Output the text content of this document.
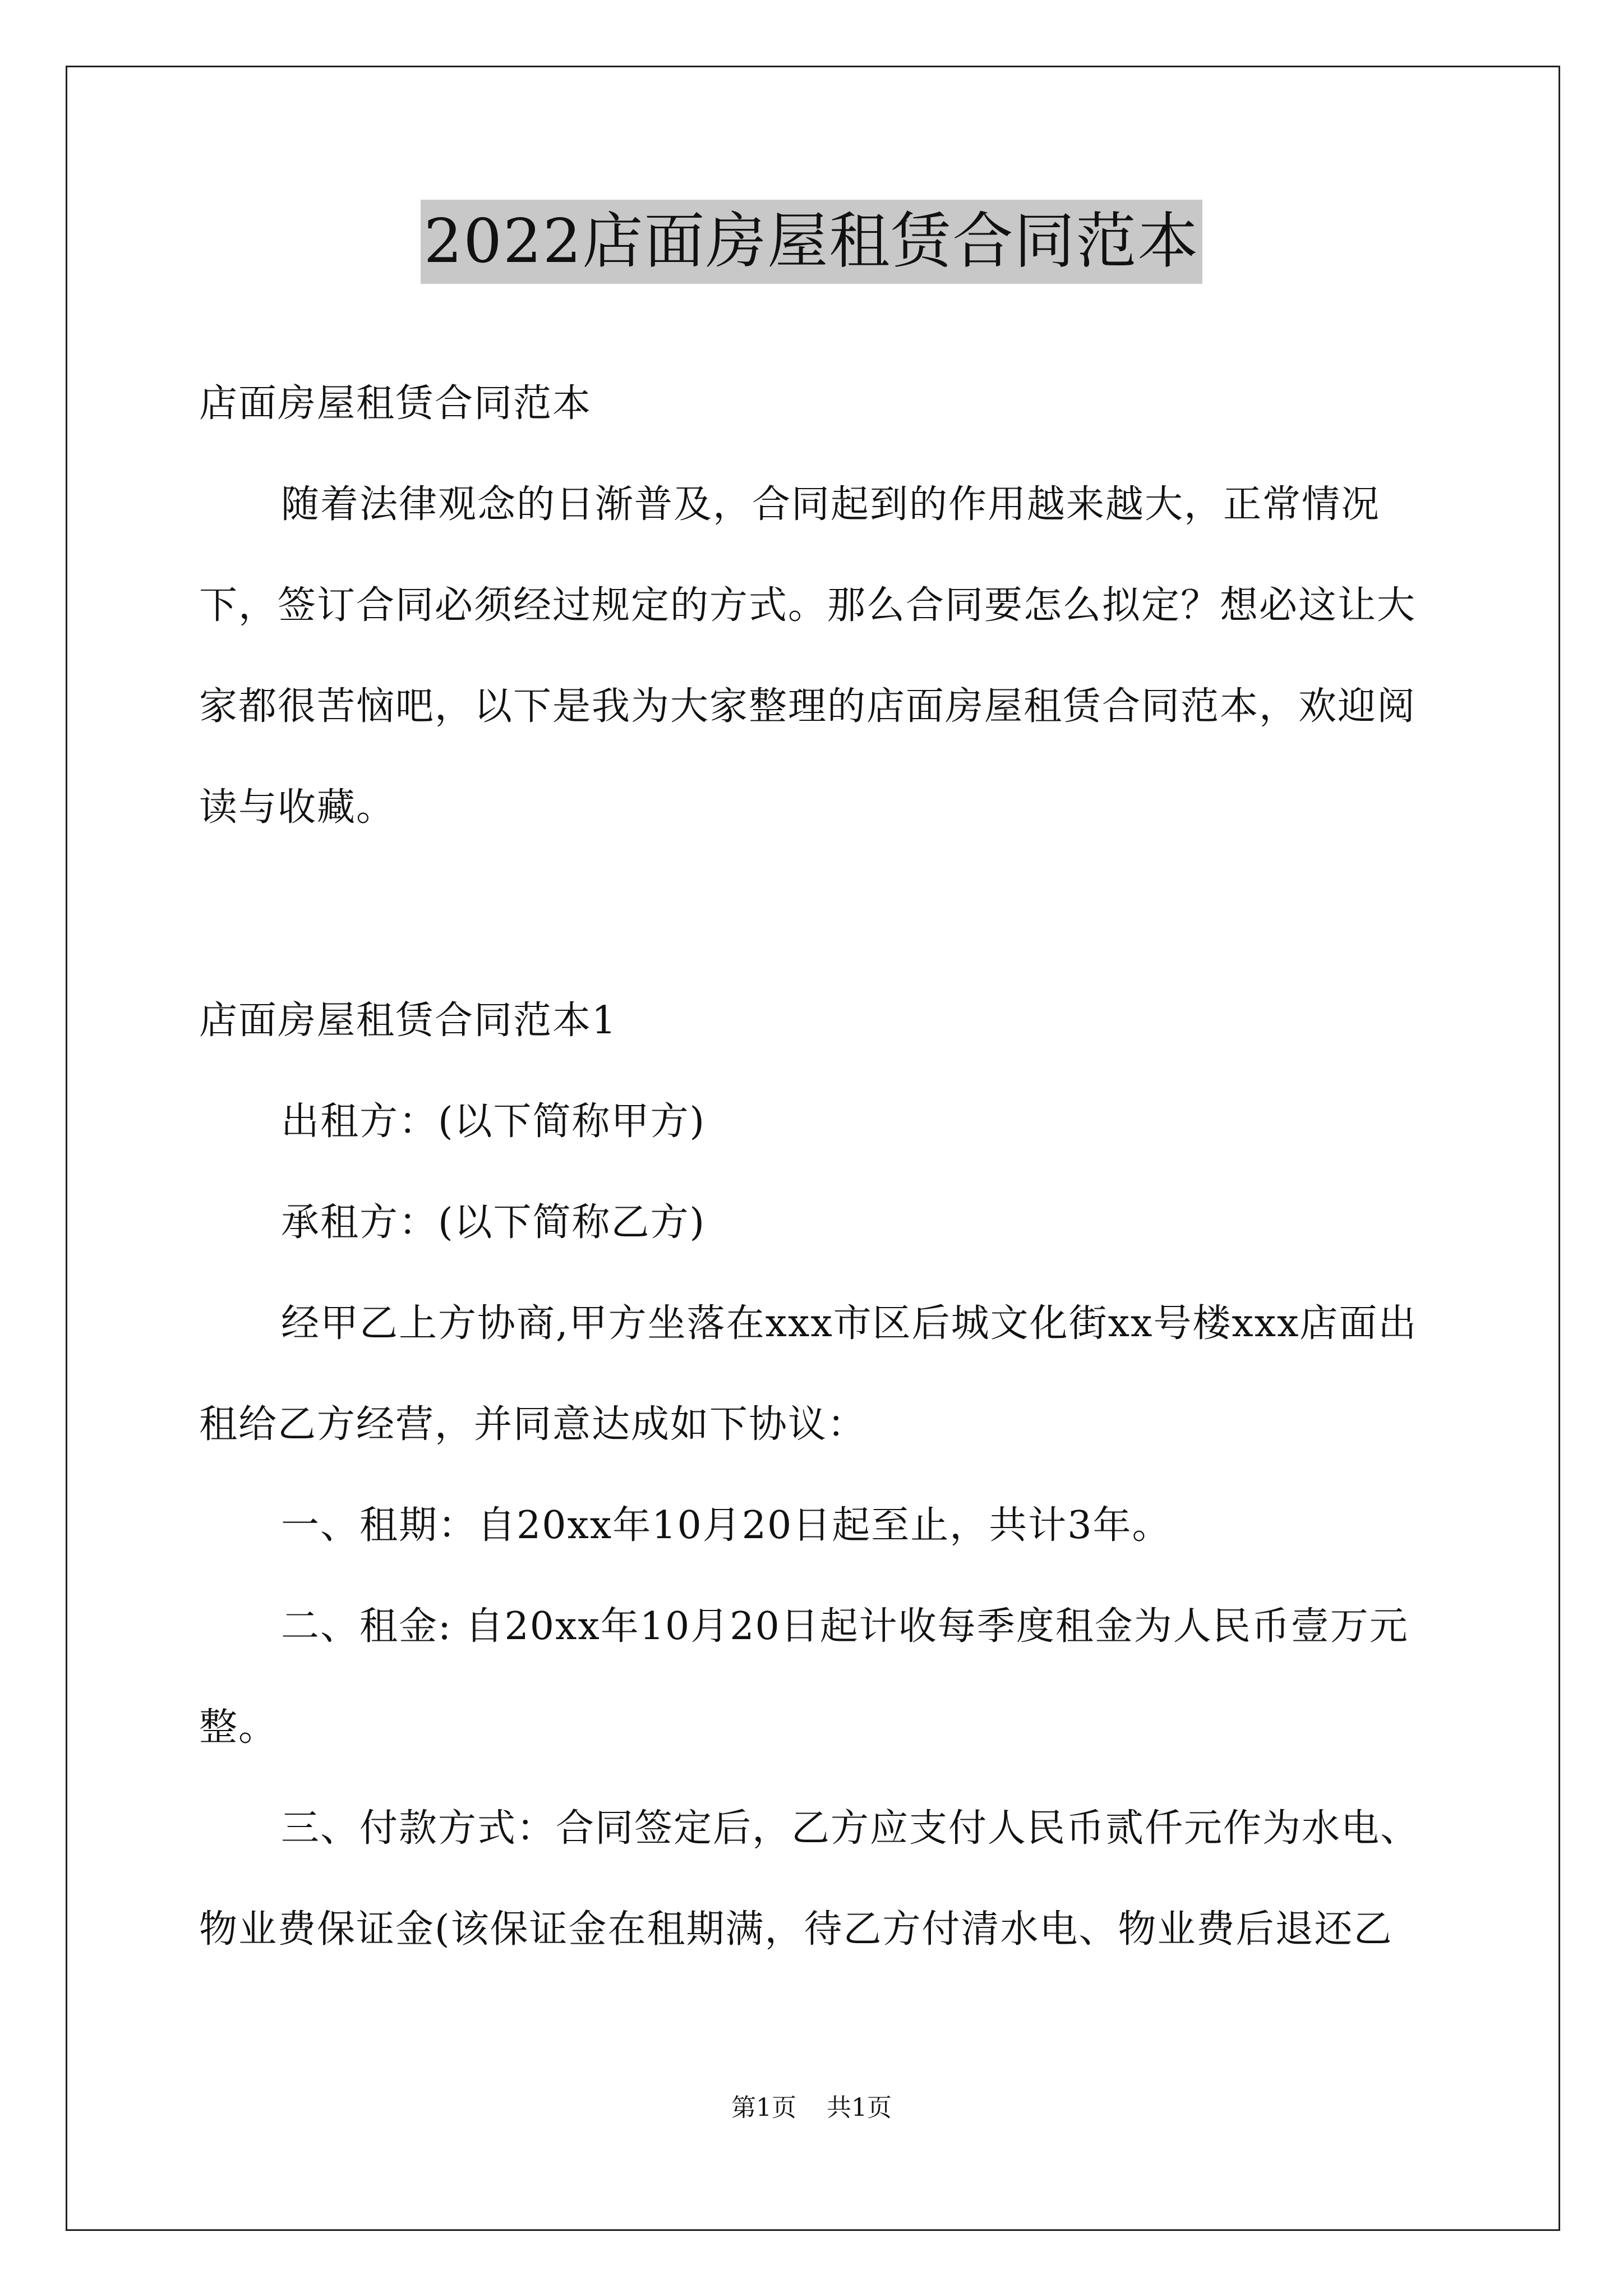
2022店面房屋租赁合同范本

店面房屋租赁合同范本

随着法律观念的日渐普及，合同起到的作用越来越大，正常情况下，签订合同必须经过规定的方式。那么合同要怎么拟定？想必这让大家都很苦恼吧，以下是我为大家整理的店面房屋租赁合同范本，欢迎阅读与收藏。

店面房屋租赁合同范本1

出租方：(以下简称甲方)

承租方：(以下简称乙方)

经甲乙上方协商,甲方坐落在xxx市区后城文化街xx号楼xxx店面出租给乙方经营，并同意达成如下协议：

一、租期：自20xx年10月20日起至止，共计3年。

二、租金: 自20xx年10月20日起计收每季度租金为人民币壹万元整。

三、付款方式：合同签定后，乙方应支付人民币贰仟元作为水电、物业费保证金(该保证金在租期满，待乙方付清水电、物业费后退还乙

第1页 共1页
